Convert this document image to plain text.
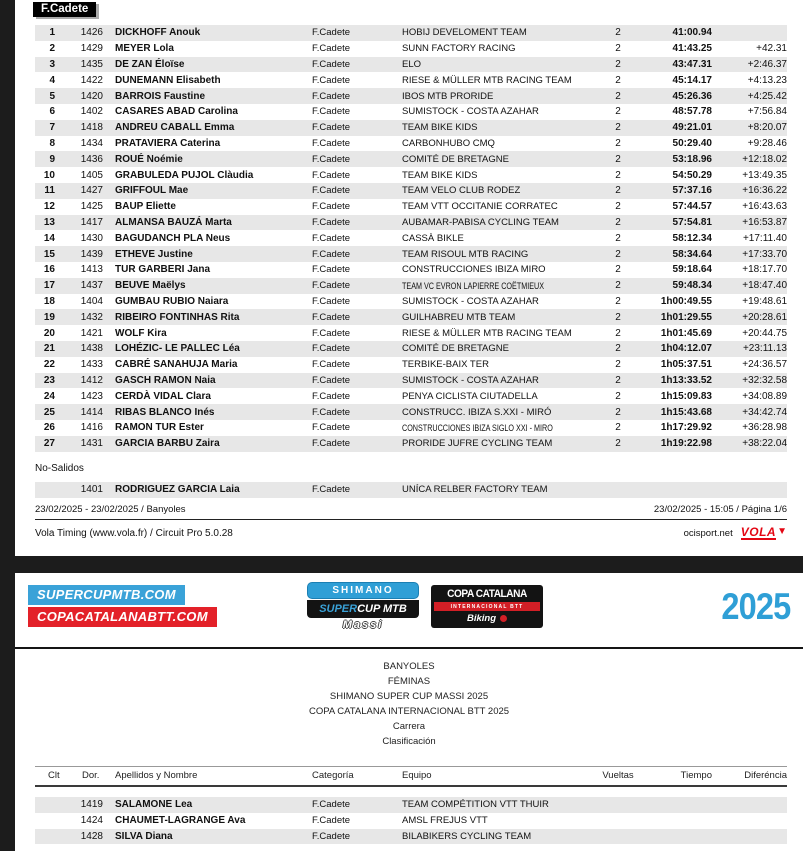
F.Cadete
1	1426 DICKHOFF Anouk	F.Cadete	HOBIJ DEVELOMENT TEAM	2	41:00.94
2	1429 MEYER Lola	F.Cadete	SUNN FACTORY RACING	2	41:43.25	+42.31
3	1435 DE ZAN Éloïse	F.Cadete	ELO	2	43:47.31	+2:46.37
4	1422 DUNEMANN Elisabeth	F.Cadete	RIESE & MÜLLER MTB RACING TEAM	2	45:14.17	+4:13.23
5	1420 BARROIS Faustine	F.Cadete	IBOS MTB PRORIDE	2	45:26.36	+4:25.42
6	1402 CASARES ABAD Carolina	F.Cadete	SUMISTOCK - COSTA AZAHAR	2	48:57.78	+7:56.84
7	1418 ANDREU CABALL Emma	F.Cadete	TEAM BIKE KIDS	2	49:21.01	+8:20.07
8	1434 PRATAVIERA Caterina	F.Cadete	CARBONHUBO CMQ	2	50:29.40	+9:28.46
9	1436 ROUÉ Noémie	F.Cadete	COMITÉ DE BRETAGNE	2	53:18.96	+12:18.02
10	1405 GRABULEDA PUJOL Clàudia	F.Cadete	TEAM BIKE KIDS	2	54:50.29	+13:49.35
11	1427 GRIFFOUL Mae	F.Cadete	TEAM VELO CLUB RODEZ	2	57:37.16	+16:36.22
12	1425 BAUP Eliette	F.Cadete	TEAM VTT OCCITANIE CORRATEC	2	57:44.57	+16:43.63
13	1417 ALMANSA BAUZÁ Marta	F.Cadete	AUBAMAR-PABISA CYCLING TEAM	2	57:54.81	+16:53.87
14	1430 BAGUDANCH PLA Neus	F.Cadete	CASSÀ BIKLE	2	58:12.34	+17:11.40
15	1439 ETHEVE Justine	F.Cadete	TEAM RISOUL MTB RACING	2	58:34.64	+17:33.70
16	1413 TUR GARBERI Jana	F.Cadete	CONSTRUCCIONES IBIZA MIRO	2	59:18.64	+18:17.70
17	1437 BEUVE Maëlys	F.Cadete	TEAM VC EVRON LAPIERRE COËTMIEUX	2	59:48.34	+18:47.40
18	1404 GUMBAU RUBIO Naiara	F.Cadete	SUMISTOCK - COSTA AZAHAR	2	1h00:49.55	+19:48.61
19	1432 RIBEIRO FONTINHAS Rita	F.Cadete	GUILHABREU MTB TEAM	2	1h01:29.55	+20:28.61
20	1421 WOLF Kira	F.Cadete	RIESE & MÜLLER MTB RACING TEAM	2	1h01:45.69	+20:44.75
21	1438 LOHÉZIC- LE PALLEC Léa	F.Cadete	COMITÉ DE BRETAGNE	2	1h04:12.07	+23:11.13
22	1433 CABRÉ SANAHUJA Maria	F.Cadete	TERBIKE-BAIX TER	2	1h05:37.51	+24:36.57
23	1412 GASCH RAMON Naia	F.Cadete	SUMISTOCK - COSTA AZAHAR	2	1h13:33.52	+32:32.58
24	1423 CERDÀ VIDAL Clara	F.Cadete	PENYA CICLISTA CIUTADELLA	2	1h15:09.83	+34:08.89
25	1414 RIBAS BLANCO Inés	F.Cadete	CONSTRUCC. IBIZA S.XXI - MIRÓ	2	1h15:43.68	+34:42.74
26	1416 RAMON TUR Ester	F.Cadete	CONSTRUCCIONES IBIZA SIGLO XXI - MIRO	2	1h17:29.92	+36:28.98
27	1431 GARCIA BARBU Zaira	F.Cadete	PRORIDE JUFRE CYCLING TEAM	2	1h19:22.98	+38:22.04
No-Salidos
1401 RODRIGUEZ GARCIA Laia	F.Cadete	UNÍCA RELBER FACTORY TEAM
23/02/2025 - 23/02/2025 / Banyoles	23/02/2025 - 15:05 / Página 1/6
Vola Timing (www.vola.fr) / Circuit Pro 5.0.28	ocisport.net VOLA ▼
SUPERCUPMTB.COM
COPACATALANABTT.COM
SHIMANO
SUPERCUP MTB
Massi
COPA CATALANA
INTERNACIONAL BTT
Biking	2025
BANYOLES
FÉMINAS
SHIMANO SUPER CUP MASSI 2025
COPA CATALANA INTERNACIONAL BTT 2025
Carrera
Clasificación
Clt Dor. Apellidos y Nombre	Categoría	Equipo	Vueltas	Tiempo	Diferéncia
1419 SALAMONE Lea	F.Cadete	TEAM COMPÉTITION VTT THUIR
1424 CHAUMET-LAGRANGE Ava	F.Cadete	AMSL FREJUS VTT
1428 SILVA Diana	F.Cadete	BILABIKERS CYCLING TEAM
